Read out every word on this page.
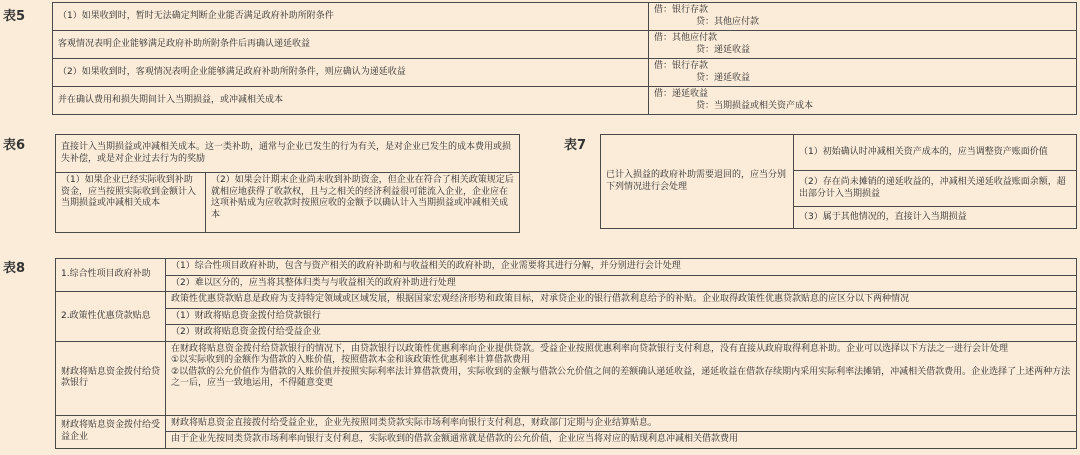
表5	（1）如果收到时，暂时无法确定判断企业能否满足政府补助所附条件	借：银行存款
贷：其他应付款

客观情况表明企业能够满足政府补助所附条件后再确认递延收益	借：其他应付款
贷：递延收益

（2）如果收到时，客观情况表明企业能够满足政府补助所附条件，则应确认为递延收益	借：银行存款
贷：递延收益

并在确认费用和损失期间计入当期损益，或冲减相关成本	借：递延收益
贷：当期损益或相关资产成本
表6	直接计入当期损益或冲减相关成本。这一类补助，通常与企业已发生的行为有关，是对企业已发生的成本费用或损失补偿，或是对企业过去行为的奖励
（1）如果企业已经实际收到补助资金，应当按照实际收到金额计入当期损益或冲减相关成本	（2）如果会计期末企业尚未收到补助资金，但企业在符合了相关政策规定后就相应地获得了收款权，且与之相关的经济利益很可能流入企业，企业应在这项补贴成为应收款时按照应收的金额予以确认计入当期损益或冲减相关成本
表7
已计入损益的政府补助需要退回的，应当分别下列情况进行会处理	（1）初始确认时冲减相关资产成本的，应当调整资产账面价值
（2）存在尚未摊销的递延收益的，冲减相关递延收益账面余额，超出部分计入当期损益
（3）属于其他情况的，直接计入当期损益
表8	1.综合性项目政府补助	（1）综合性项目政府补助，包含与资产相关的政府补助和与收益相关的政府补助，企业需要将其进行分解，并分别进行会计处理
	（2）难以区分的，应当将其整体归类与与收益相关的政府补助进行处理
2.政策性优惠贷款贴息	政策性优惠贷款贴息是政府为支持特定领域或区域发展，根据国家宏观经济形势和政策目标，对承贷企业的银行借款利息给予的补贴。企业取得政策性优惠贷款贴息的应区分以下两种情况
	（1）财政将贴息资金拨付给贷款银行
	（2）财政将贴息资金拨付给受益企业
财政将贴息资金拨付给贷款银行	在财政将贴息资金拨付给贷款银行的情况下，由贷款银行以政策性优惠利率向企业提供贷款。受益企业按照优惠利率向贷款银行支付利息，没有直接从政府取得利息补助。企业可以选择以下方法之一进行会计处理
①以实际收到的金额作为借款的入账价值，按照借款本金和该政策性优惠利率计算借款费用
②以借款的公允价值作为借款的入账价值并按照实际利率法计算借款费用，实际收到的金额与借款公允价值之间的差额确认递延收益，递延收益在借款存续期内采用实际利率法摊销，冲减相关借款费用。企业选择了上述两种方法之一后，应当一致地运用，不得随意变更

财政将贴息资金拨付给受益企业	财政将贴息资金直接拨付给受益企业，企业先按照同类贷款实际市场利率向银行支付利息，财政部门定期与企业结算贴息。
	由于企业先按同类贷款市场利率向银行支付利息，实际收到的借款金额通常就是借款的公允价值，企业应当将对应的贴现利息冲减相关借款费用
